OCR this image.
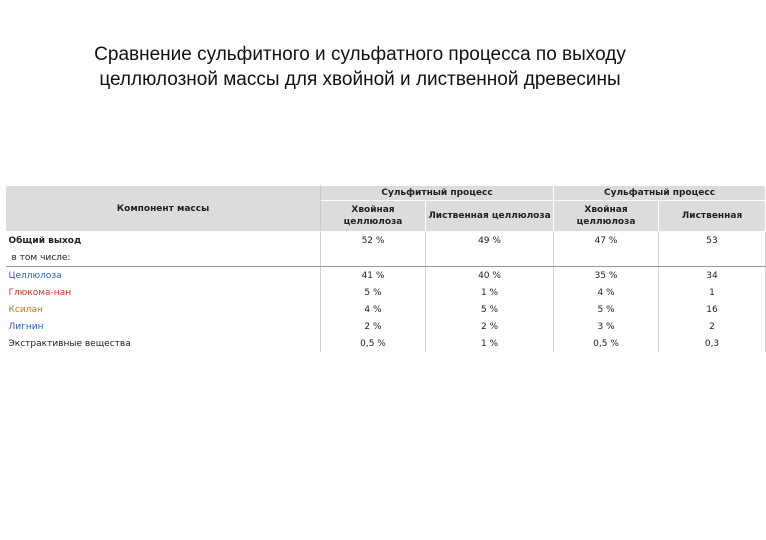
Сравнение сульфитного и сульфатного процесса по выходу целлюлозной массы для хвойной и лиственной древесины
Компонент массы	Сульфитный процесс		Сульфатный процесс	
	Хвойная целлюлоза	Лиственная целлюлоза	Хвойная целлюлоза	Лиственная
Общий выход	52 %	49 %	47 %	53
в том числе:				
Целлюлоза	41 %	40 %	35 %	34
Глюкома-нан	5 %	1 %	4 %	1
Ксилан	4 %	5 %	5 %	16
Лигнин	2 %	2 %	3 %	2
Экстрактивные вещества	0,5 %	1 %	0,5 %	0,3
